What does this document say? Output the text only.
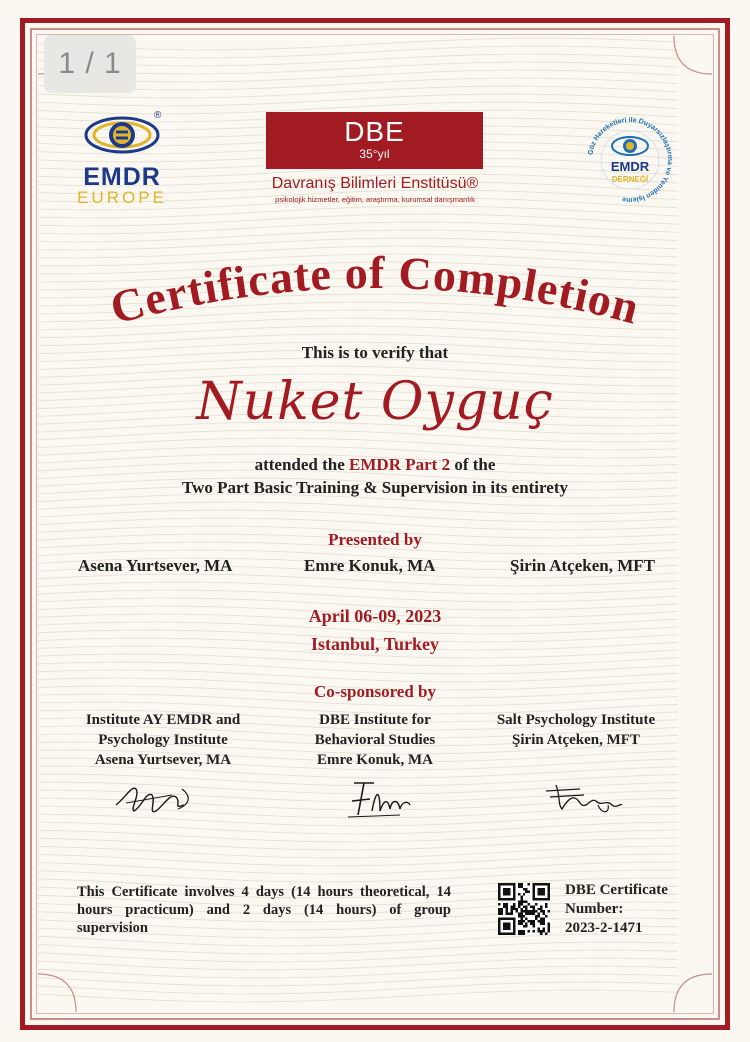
1 / 1
®
EMDR
EUROPE
DBE
35°yıl
Davranış Bilimleri Enstitüsü®
psikolojik hizmetler, eğitim, araştırma, kurumsal danışmanlık
Göz Hareketleri ile Duyarsızlaştırma ve Yeniden İşleme
EMDR
DERNEĞİ
Certificate of Completion
This is to verify that
Nuket Oyguç
attended the EMDR Part 2 of the
Two Part Basic Training & Supervision in its entirety
Presented by
Asena Yurtsever, MA	Emre Konuk, MA	Şirin Atçeken, MFT
April 06-09, 2023
Istanbul, Turkey
Co-sponsored by
Institute AY EMDR and
Psychology Institute
Asena Yurtsever, MA
DBE Institute for
Behavioral Studies
Emre Konuk, MA
Salt Psychology Institute
Şirin Atçeken, MFT
This Certificate involves 4 days (14 hours theoretical, 14 hours practicum) and 2 days (14 hours) of group supervision
DBE Certificate
Number:
2023-2-1471
